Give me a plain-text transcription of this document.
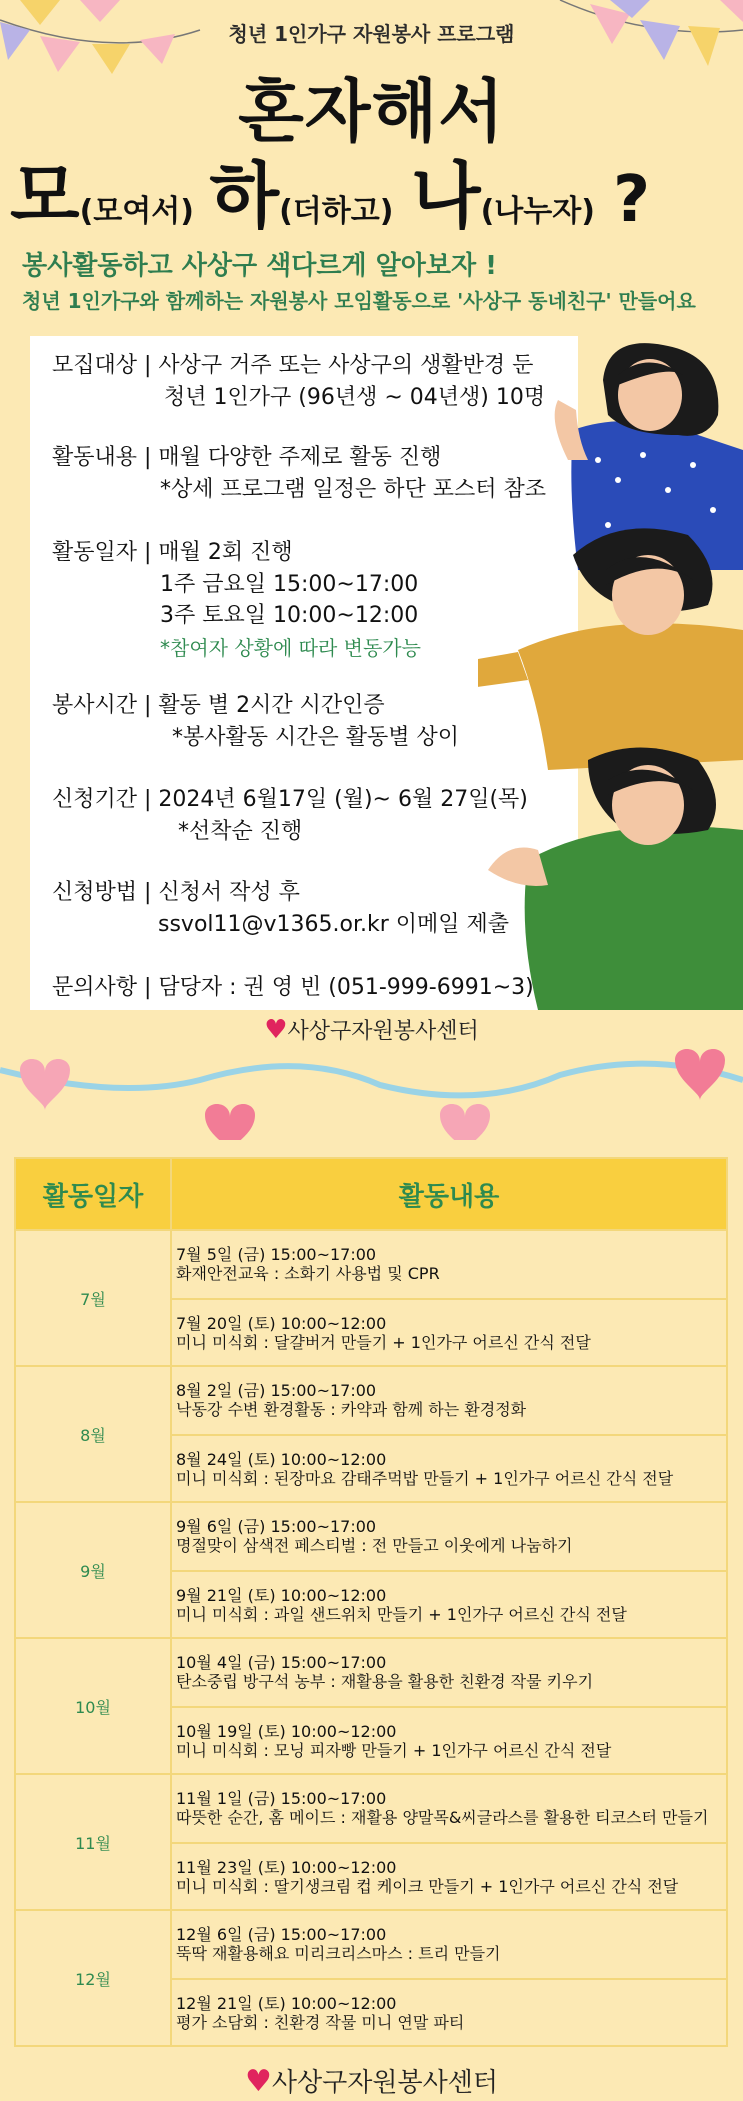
청년 1인가구 자원봉사 프로그램
혼자해서
모(모여서) 하(더하고) 나(나누자) ?
봉사활동하고 사상구 색다르게 알아보자 !
청년 1인가구와 함께하는 자원봉사 모임활동으로 '사상구 동네친구' 만들어요
모집대상 | 사상구 거주 또는 사상구의 생활반경 둔
청년 1인가구 (96년생 ~ 04년생) 10명
활동내용 | 매월 다양한 주제로 활동 진행
*상세 프로그램 일정은 하단 포스터 참조
활동일자 | 매월 2회 진행
1주 금요일 15:00~17:00
3주 토요일 10:00~12:00
*참여자 상황에 따라 변동가능
봉사시간 | 활동 별 2시간 시간인증
*봉사활동 시간은 활동별 상이
신청기간 | 2024년 6월17일 (월)~ 6월 27일(목)
*선착순 진행
신청방법 | 신청서 작성 후
ssvol11@v1365.or.kr 이메일 제출
문의사항 | 담당자 : 권 영 빈 (051-999-6991~3)
♥사상구자원봉사센터
활동일자	활동내용
7월
7월 5일 (금) 15:00~17:00
화재안전교육 : 소화기 사용법 및 CPR
7월 20일 (토) 10:00~12:00
미니 미식회 : 달걀버거 만들기 + 1인가구 어르신 간식 전달
8월
8월 2일 (금) 15:00~17:00
낙동강 수변 환경활동 : 카약과 함께 하는 환경정화
8월 24일 (토) 10:00~12:00
미니 미식회 : 된장마요 감태주먹밥 만들기 + 1인가구 어르신 간식 전달
9월
9월 6일 (금) 15:00~17:00
명절맞이 삼색전 페스티벌 : 전 만들고 이웃에게 나눔하기
9월 21일 (토) 10:00~12:00
미니 미식회 : 과일 샌드위치 만들기 + 1인가구 어르신 간식 전달
10월
10월 4일 (금) 15:00~17:00
탄소중립 방구석 농부 : 재활용을 활용한 친환경 작물 키우기
10월 19일 (토) 10:00~12:00
미니 미식회 : 모닝 피자빵 만들기 + 1인가구 어르신 간식 전달
11월
11월 1일 (금) 15:00~17:00
따뜻한 순간, 홈 메이드 : 재활용 양말목&씨글라스를 활용한 티코스터 만들기
11월 23일 (토) 10:00~12:00
미니 미식회 : 딸기생크림 컵 케이크 만들기 + 1인가구 어르신 간식 전달
12월
12월 6일 (금) 15:00~17:00
뚝딱 재활용해요 미리크리스마스 : 트리 만들기
12월 21일 (토) 10:00~12:00
평가 소담회 : 친환경 작물 미니 연말 파티
♥사상구자원봉사센터
